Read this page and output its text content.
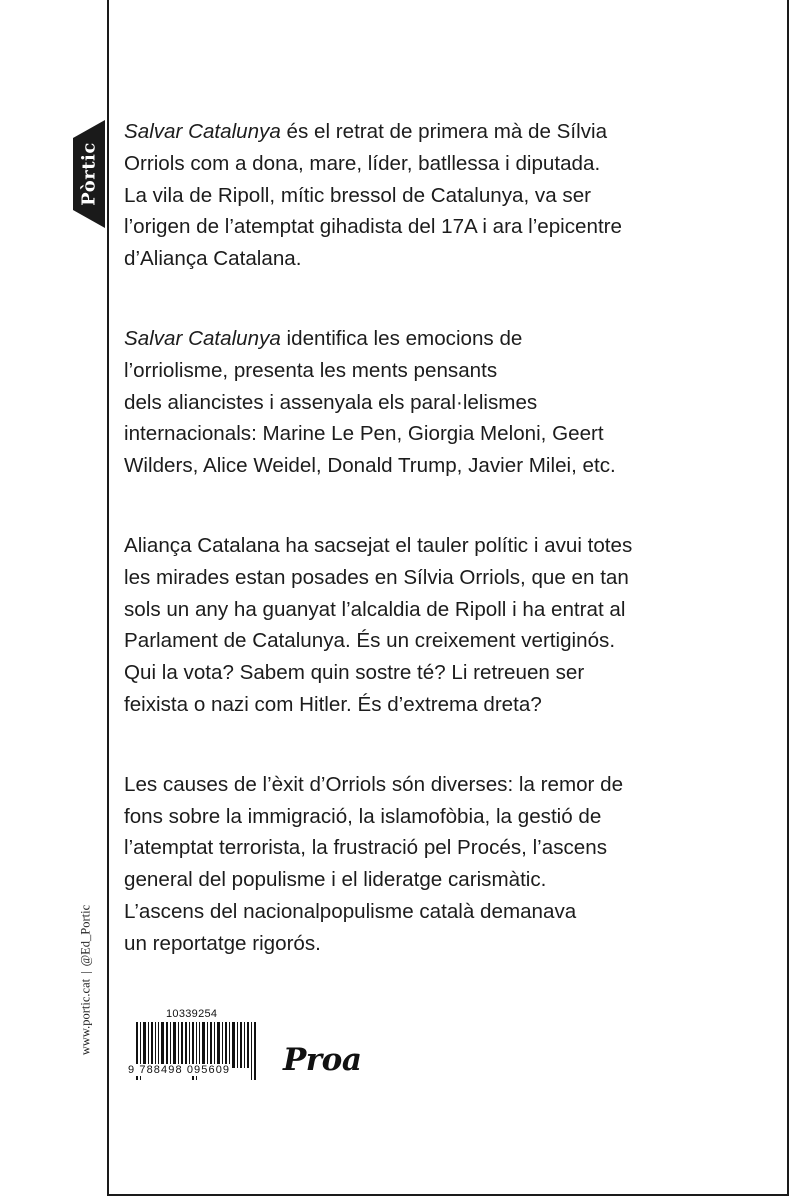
Pòrtic
www.portic.cat|@Ed_Portic
Salvar Catalunya és el retrat de primera mà de Sílvia
Orriols com a dona, mare, líder, batllessa i diputada.
La vila de Ripoll, mític bressol de Catalunya, va ser
l’origen de l’atemptat gihadista del 17A i ara l’epicentre
d’Aliança Catalana.
Salvar Catalunya identifica les emocions de
l’orriolisme, presenta les ments pensants
dels aliancistes i assenyala els paral·lelismes
internacionals: Marine Le Pen, Giorgia Meloni, Geert
Wilders, Alice Weidel, Donald Trump, Javier Milei, etc.
Aliança Catalana ha sacsejat el tauler polític i avui totes
les mirades estan posades en Sílvia Orriols, que en tan
sols un any ha guanyat l’alcaldia de Ripoll i ha entrat al
Parlament de Catalunya. És un creixement vertiginós.
Qui la vota? Sabem quin sostre té? Li retreuen ser
feixista o nazi com Hitler. És d’extrema dreta?
Les causes de l’èxit d’Orriols són diverses: la remor de
fons sobre la immigració, la islamofòbia, la gestió de
l’atemptat terrorista, la frustració pel Procés, l’ascens
general del populisme i el lideratge carismàtic.
L’ascens del nacionalpopulisme català demanava
un reportatge rigorós.
10339254
9 788498 095609 Proa
